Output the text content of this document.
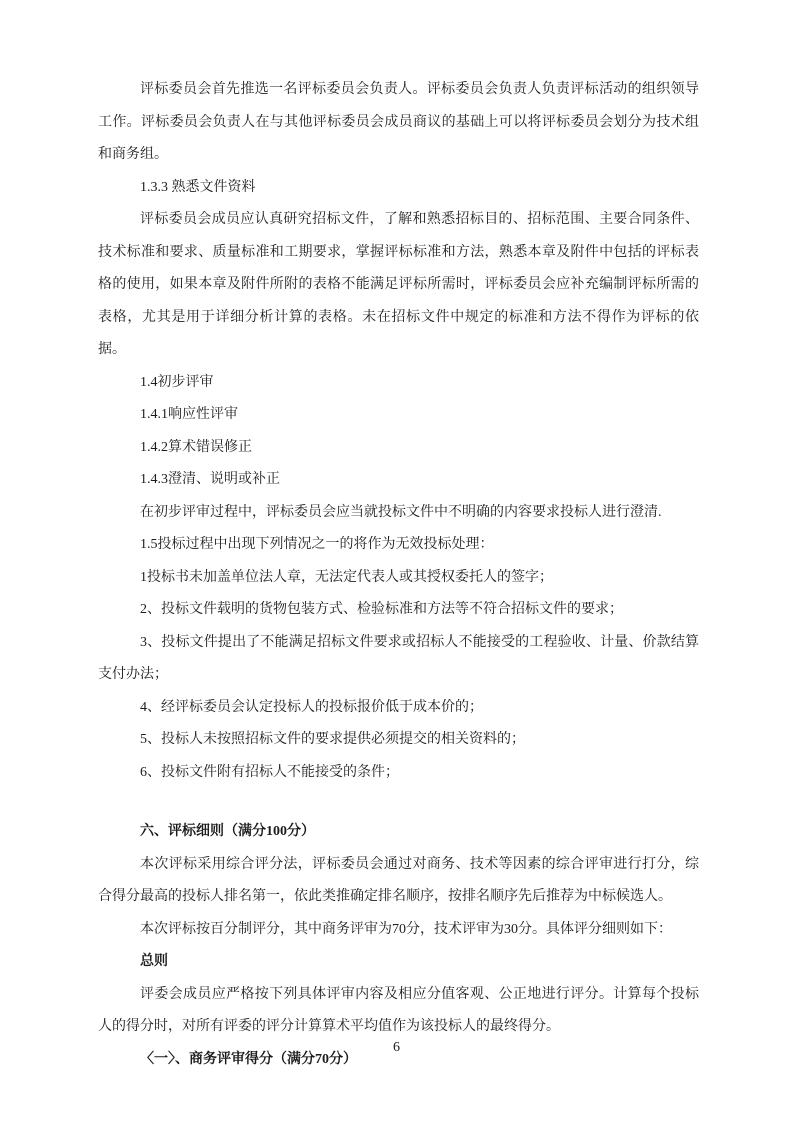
评标委员会首先推选一名评标委员会负责人。评标委员会负责人负责评标活动的组织领导工作。评标委员会负责人在与其他评标委员会成员商议的基础上可以将评标委员会划分为技术组和商务组。

1.3.3 熟悉文件资料

评标委员会成员应认真研究招标文件，了解和熟悉招标目的、招标范围、主要合同条件、技术标准和要求、质量标准和工期要求，掌握评标标准和方法，熟悉本章及附件中包括的评标表格的使用，如果本章及附件所附的表格不能满足评标所需时，评标委员会应补充编制评标所需的表格，尤其是用于详细分析计算的表格。未在招标文件中规定的标准和方法不得作为评标的依据。

1.4初步评审

1.4.1响应性评审

1.4.2算术错误修正

1.4.3澄清、说明或补正

在初步评审过程中，评标委员会应当就投标文件中不明确的内容要求投标人进行澄清.

1.5投标过程中出现下列情况之一的将作为无效投标处理：

1投标书未加盖单位法人章，无法定代表人或其授权委托人的签字；

2、投标文件载明的货物包装方式、检验标准和方法等不符合招标文件的要求；

3、投标文件提出了不能满足招标文件要求或招标人不能接受的工程验收、计量、价款结算支付办法；

4、经评标委员会认定投标人的投标报价低于成本价的；

5、投标人未按照招标文件的要求提供必须提交的相关资料的；

6、投标文件附有招标人不能接受的条件；

六、评标细则（满分100分）

本次评标采用综合评分法，评标委员会通过对商务、技术等因素的综合评审进行打分，综合得分最高的投标人排名第一，依此类推确定排名顺序，按排名顺序先后推荐为中标候选人。

本次评标按百分制评分，其中商务评审为70分，技术评审为30分。具体评分细则如下：

总则

评委会成员应严格按下列具体评审内容及相应分值客观、公正地进行评分。计算每个投标人的得分时，对所有评委的评分计算算术平均值作为该投标人的最终得分。

〈一〉、商务评审得分（满分70分）

6
